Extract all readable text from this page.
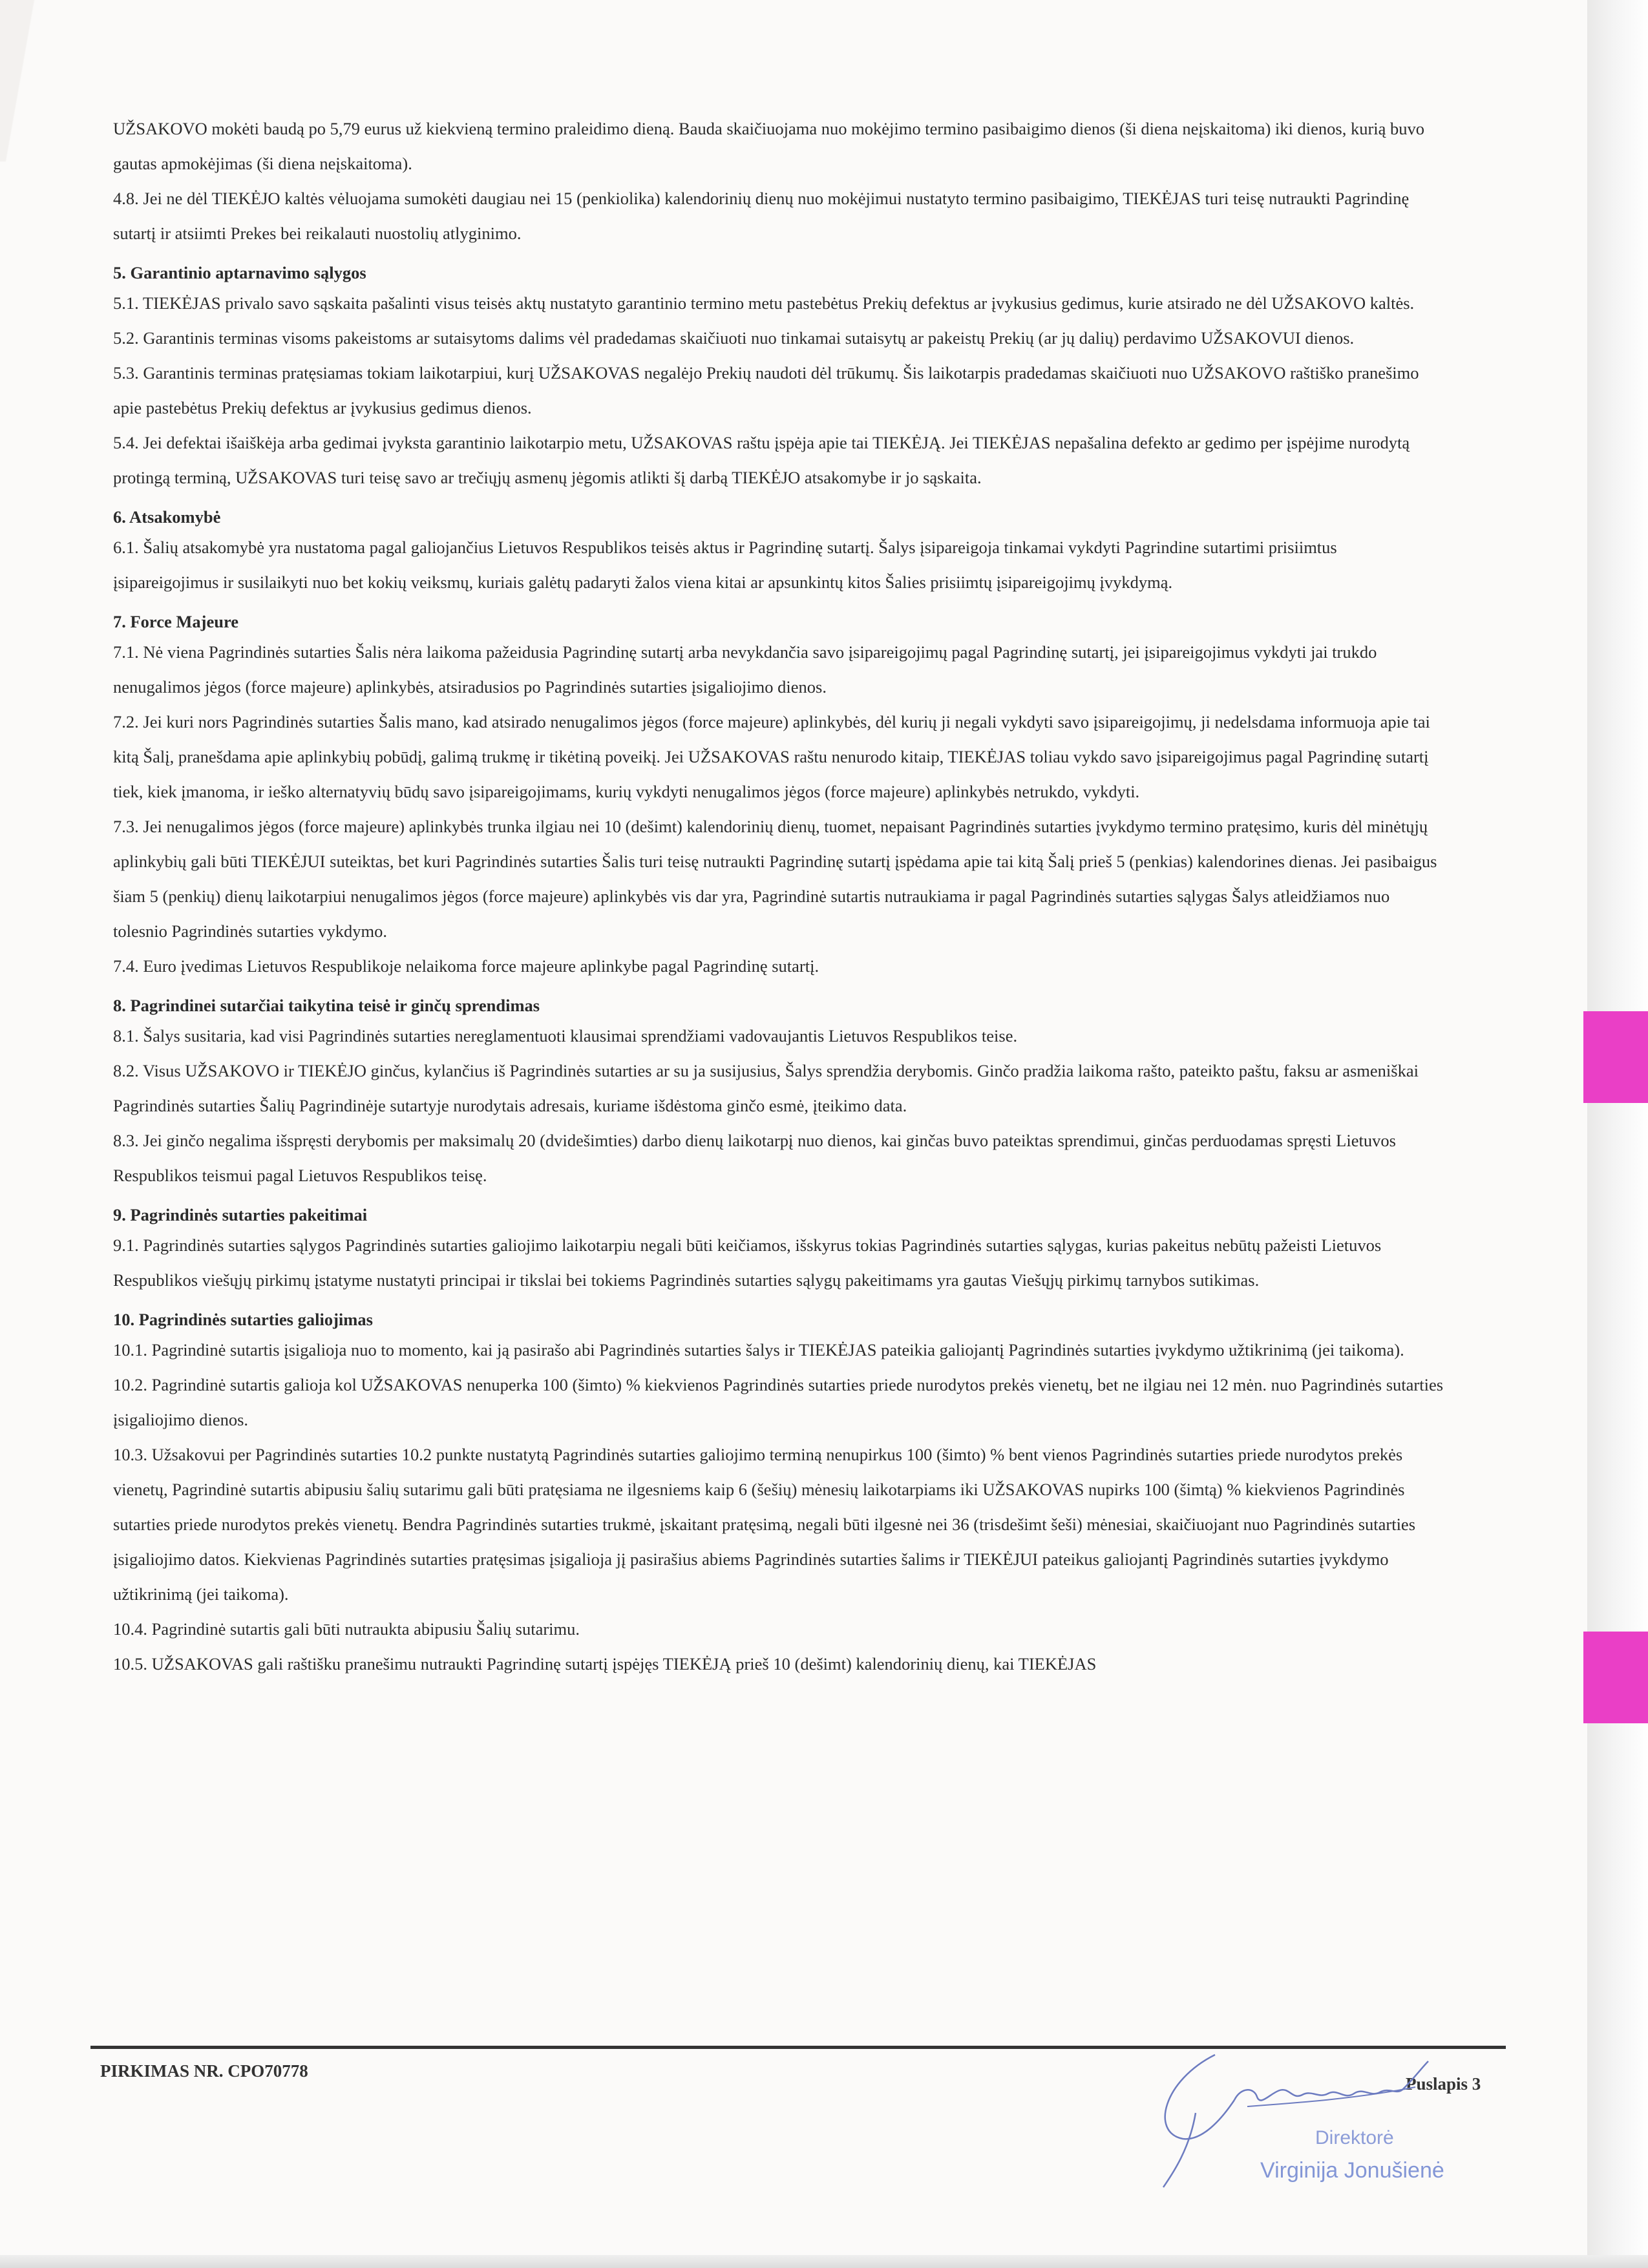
UŽSAKOVO mokėti baudą po 5,79 eurus už kiekvieną termino praleidimo dieną. Bauda skaičiuojama nuo mokėjimo termino pasibaigimo dienos (ši diena neįskaitoma) iki dienos, kurią buvo gautas apmokėjimas (ši diena neįskaitoma).
4.8. Jei ne dėl TIEKĖJO kaltės vėluojama sumokėti daugiau nei 15 (penkiolika) kalendorinių dienų nuo mokėjimui nustatyto termino pasibaigimo, TIEKĖJAS turi teisę nutraukti Pagrindinę sutartį ir atsiimti Prekes bei reikalauti nuostolių atlyginimo.
5. Garantinio aptarnavimo sąlygos
5.1. TIEKĖJAS privalo savo sąskaita pašalinti visus teisės aktų nustatyto garantinio termino metu pastebėtus Prekių defektus ar įvykusius gedimus, kurie atsirado ne dėl UŽSAKOVO kaltės.
5.2. Garantinis terminas visoms pakeistoms ar sutaisytoms dalims vėl pradedamas skaičiuoti nuo tinkamai sutaisytų ar pakeistų Prekių (ar jų dalių) perdavimo UŽSAKOVUI dienos.
5.3. Garantinis terminas pratęsiamas tokiam laikotarpiui, kurį UŽSAKOVAS negalėjo Prekių naudoti dėl trūkumų. Šis laikotarpis pradedamas skaičiuoti nuo UŽSAKOVO raštiško pranešimo apie pastebėtus Prekių defektus ar įvykusius gedimus dienos.
5.4. Jei defektai išaiškėja arba gedimai įvyksta garantinio laikotarpio metu, UŽSAKOVAS raštu įspėja apie tai TIEKĖJĄ. Jei TIEKĖJAS nepašalina defekto ar gedimo per įspėjime nurodytą protingą terminą, UŽSAKOVAS turi teisę savo ar trečiųjų asmenų jėgomis atlikti šį darbą TIEKĖJO atsakomybe ir jo sąskaita.
6. Atsakomybė
6.1. Šalių atsakomybė yra nustatoma pagal galiojančius Lietuvos Respublikos teisės aktus ir Pagrindinę sutartį. Šalys įsipareigoja tinkamai vykdyti Pagrindine sutartimi prisiimtus įsipareigojimus ir susilaikyti nuo bet kokių veiksmų, kuriais galėtų padaryti žalos viena kitai ar apsunkintų kitos Šalies prisiimtų įsipareigojimų įvykdymą.
7. Force Majeure
7.1. Nė viena Pagrindinės sutarties Šalis nėra laikoma pažeidusia Pagrindinę sutartį arba nevykdančia savo įsipareigojimų pagal Pagrindinę sutartį, jei įsipareigojimus vykdyti jai trukdo nenugalimos jėgos (force majeure) aplinkybės, atsiradusios po Pagrindinės sutarties įsigaliojimo dienos.
7.2. Jei kuri nors Pagrindinės sutarties Šalis mano, kad atsirado nenugalimos jėgos (force majeure) aplinkybės, dėl kurių ji negali vykdyti savo įsipareigojimų, ji nedelsdama informuoja apie tai kitą Šalį, pranešdama apie aplinkybių pobūdį, galimą trukmę ir tikėtiną poveikį. Jei UŽSAKOVAS raštu nenurodo kitaip, TIEKĖJAS toliau vykdo savo įsipareigojimus pagal Pagrindinę sutartį tiek, kiek įmanoma, ir ieško alternatyvių būdų savo įsipareigojimams, kurių vykdyti nenugalimos jėgos (force majeure) aplinkybės netrukdo, vykdyti.
7.3. Jei nenugalimos jėgos (force majeure) aplinkybės trunka ilgiau nei 10 (dešimt) kalendorinių dienų, tuomet, nepaisant Pagrindinės sutarties įvykdymo termino pratęsimo, kuris dėl minėtųjų aplinkybių gali būti TIEKĖJUI suteiktas, bet kuri Pagrindinės sutarties Šalis turi teisę nutraukti Pagrindinę sutartį įspėdama apie tai kitą Šalį prieš 5 (penkias) kalendorines dienas. Jei pasibaigus šiam 5 (penkių) dienų laikotarpiui nenugalimos jėgos (force majeure) aplinkybės vis dar yra, Pagrindinė sutartis nutraukiama ir pagal Pagrindinės sutarties sąlygas Šalys atleidžiamos nuo tolesnio Pagrindinės sutarties vykdymo.
7.4. Euro įvedimas Lietuvos Respublikoje nelaikoma force majeure aplinkybe pagal Pagrindinę sutartį.
8. Pagrindinei sutarčiai taikytina teisė ir ginčų sprendimas
8.1. Šalys susitaria, kad visi Pagrindinės sutarties nereglamentuoti klausimai sprendžiami vadovaujantis Lietuvos Respublikos teise.
8.2. Visus UŽSAKOVO ir TIEKĖJO ginčus, kylančius iš Pagrindinės sutarties ar su ja susijusius, Šalys sprendžia derybomis. Ginčo pradžia laikoma rašto, pateikto paštu, faksu ar asmeniškai Pagrindinės sutarties Šalių Pagrindinėje sutartyje nurodytais adresais, kuriame išdėstoma ginčo esmė, įteikimo data.
8.3. Jei ginčo negalima išspręsti derybomis per maksimalų 20 (dvidešimties) darbo dienų laikotarpį nuo dienos, kai ginčas buvo pateiktas sprendimui, ginčas perduodamas spręsti Lietuvos Respublikos teismui pagal Lietuvos Respublikos teisę.
9. Pagrindinės sutarties pakeitimai
9.1. Pagrindinės sutarties sąlygos Pagrindinės sutarties galiojimo laikotarpiu negali būti keičiamos, išskyrus tokias Pagrindinės sutarties sąlygas, kurias pakeitus nebūtų pažeisti Lietuvos Respublikos viešųjų pirkimų įstatyme nustatyti principai ir tikslai bei tokiems Pagrindinės sutarties sąlygų pakeitimams yra gautas Viešųjų pirkimų tarnybos sutikimas.
10. Pagrindinės sutarties galiojimas
10.1. Pagrindinė sutartis įsigalioja nuo to momento, kai ją pasirašo abi Pagrindinės sutarties šalys ir TIEKĖJAS pateikia galiojantį Pagrindinės sutarties įvykdymo užtikrinimą (jei taikoma).
10.2. Pagrindinė sutartis galioja kol UŽSAKOVAS nenuperka 100 (šimto) % kiekvienos Pagrindinės sutarties priede nurodytos prekės vienetų, bet ne ilgiau nei 12 mėn. nuo Pagrindinės sutarties įsigaliojimo dienos.
10.3. Užsakovui per Pagrindinės sutarties 10.2 punkte nustatytą Pagrindinės sutarties galiojimo terminą nenupirkus 100 (šimto) % bent vienos Pagrindinės sutarties priede nurodytos prekės vienetų, Pagrindinė sutartis abipusiu šalių sutarimu gali būti pratęsiama ne ilgesniems kaip 6 (šešių) mėnesių laikotarpiams iki UŽSAKOVAS nupirks 100 (šimtą) % kiekvienos Pagrindinės sutarties priede nurodytos prekės vienetų. Bendra Pagrindinės sutarties trukmė, įskaitant pratęsimą, negali būti ilgesnė nei 36 (trisdešimt šeši) mėnesiai, skaičiuojant nuo Pagrindinės sutarties įsigaliojimo datos. Kiekvienas Pagrindinės sutarties pratęsimas įsigalioja jį pasirašius abiems Pagrindinės sutarties šalims ir TIEKĖJUI pateikus galiojantį Pagrindinės sutarties įvykdymo užtikrinimą (jei taikoma).
10.4. Pagrindinė sutartis gali būti nutraukta abipusiu Šalių sutarimu.
10.5. UŽSAKOVAS gali raštišku pranešimu nutraukti Pagrindinę sutartį įspėjęs TIEKĖJĄ prieš 10 (dešimt) kalendorinių dienų, kai TIEKĖJAS
PIRKIMAS NR. CPO70778
Puslapis 3
Direktorė
Virginija Jonušienė
